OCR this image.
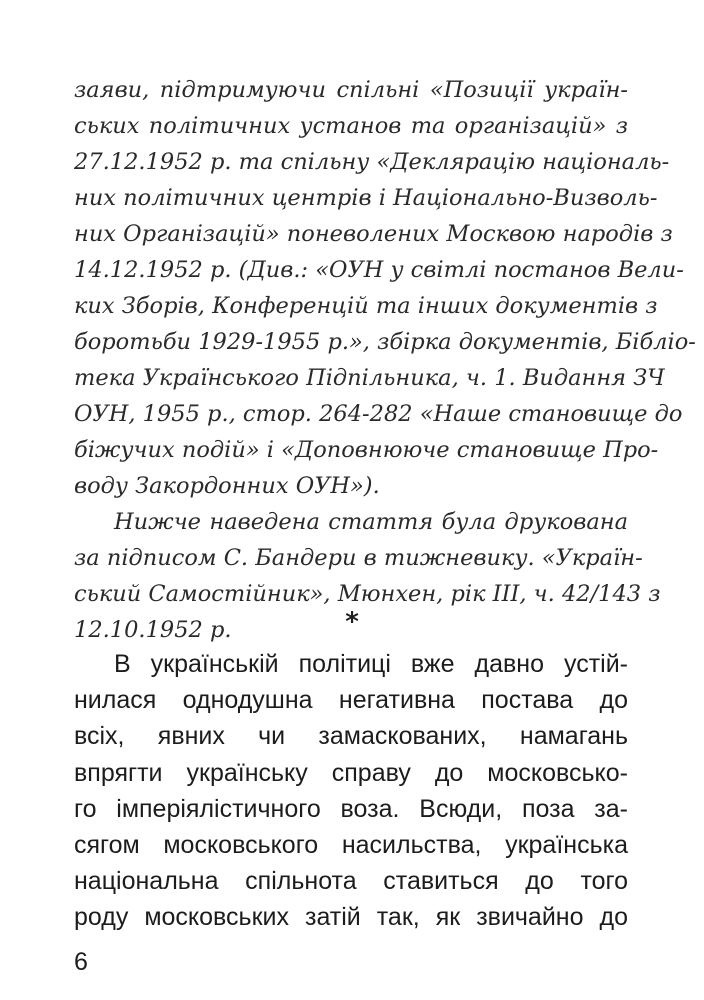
заяви, підтримуючи спільні «Позиції україн-
ських політичних установ та організацій» з
27.12.1952 р. та спільну «Деклярацію національ-
них політичних центрів і Національно-Визволь-
них Організацій» поневолених Москвою народів з
14.12.1952 р. (Див.: «ОУН у світлі постанов Вели-
ких Зборів, Конференцій та інших документів з
боротьби 1929-1955 р.», збірка документів, Бібліо-
тека Українського Підпільника, ч. 1. Видання ЗЧ
ОУН, 1955 р., стор. 264-282 «Наше становище до
біжучих подій» і «Доповнююче становище Про-
воду Закордонних ОУН»).
Нижче наведена стаття була друкована
за підписом С. Бандери в тижневику. «Україн-
ський Самостійник», Мюнхен, рік III, ч. 42/143 з
12.10.1952 р.	*
В українській політиці вже давно устій-
нилася однодушна негативна постава до
всіх, явних чи замаскованих, намагань
впрягти українську справу до московсько-
го імперіялістичного воза. Всюди, поза за-
сягом московського насильства, українська
національна спільнота ставиться до того
роду московських затій так, як звичайно до
6
